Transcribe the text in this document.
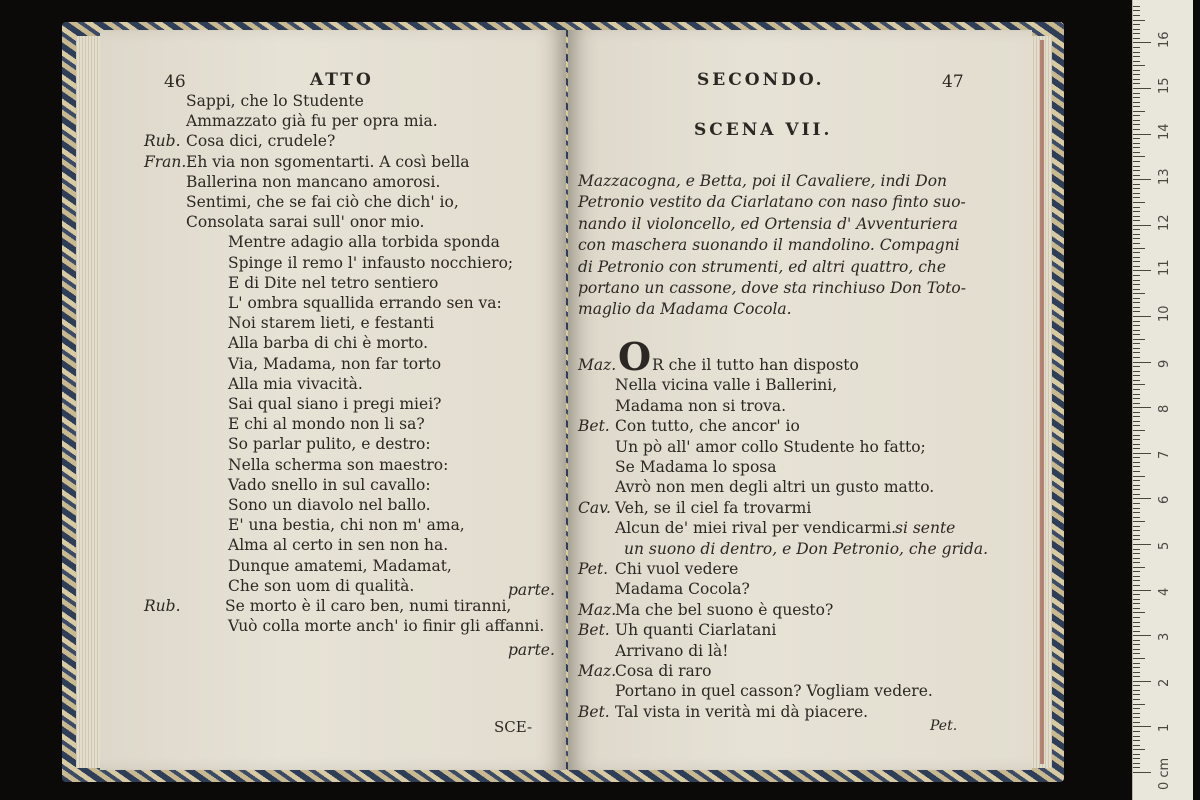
46	ATTO
SCE-
SECONDO.	47
SCENA VII.
Pet.
0 cm
1
2
3
4
5
6
7
8
9
10
11
12
13
14
15
16
Sappi, che lo Studente
Ammazzato già fu per opra mia.
Rub. Cosa dici, crudele?
Fran. Eh via non sgomentarti. A così bella
Ballerina non mancano amorosi.
Sentimi, che se fai ciò che dich' io,
Consolata sarai sull' onor mio.
Mentre adagio alla torbida sponda
Spinge il remo l' infausto nocchiero;
E di Dite nel tetro sentiero
L' ombra squallida errando sen va:
Noi starem lieti, e festanti
Alla barba di chi è morto.
Via, Madama, non far torto
Alla mia vivacità.
Sai qual siano i pregi miei?
E chi al mondo non li sa?
So parlar pulito, e destro:
Nella scherma son maestro:
Vado snello in sul cavallo:
Sono un diavolo nel ballo.
E' una bestia, chi non m' ama,
Alma al certo in sen non ha.
Dunque amatemi, Madamat,
Che son uom di qualità.	parte.
Rub.	Se morto è il caro ben, numi tiranni,
Vuò colla morte anch' io finir gli affanni.
parte.
Mazzacogna, e Betta, poi il Cavaliere, indi Don
Petronio vestito da Ciarlatano con naso finto suo-
nando il violoncello, ed Ortensia d' Avventuriera
con maschera suonando il mandolino. Compagni
di Petronio con strumenti, ed altri quattro, che
portano un cassone, dove sta rinchiuso Don Toto-
maglio da Madama Cocola.
Maz. O R che il tutto han disposto
Nella vicina valle i Ballerini,
Madama non si trova.
Bet. Con tutto, che ancor' io
Un pò all' amor collo Studente ho fatto;
Se Madama lo sposa
Avrò non men degli altri un gusto matto.
Cav. Veh, se il ciel fa trovarmi
Alcun de' miei rival per vendicarmi.
si sente
un suono di dentro, e Don Petronio, che grida.
Pet. Chi vuol vedere
Madama Cocola?
Maz.
Ma che bel suono è questo?
Bet. Uh quanti Ciarlatani
Arrivano di là!
Maz.
Cosa di raro
Portano in quel casson? Vogliam vedere.
Bet. Tal vista in verità mi dà piacere.
